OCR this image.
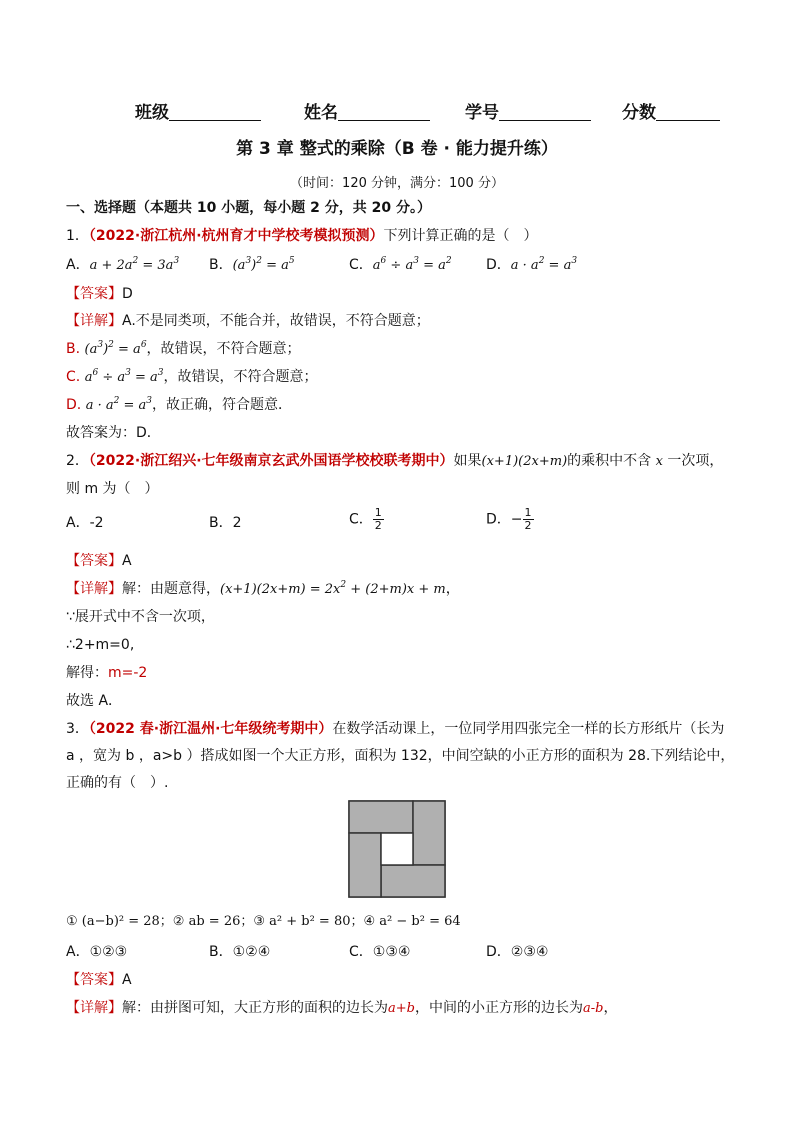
班级	姓名	学号	分数
第 3 章 整式的乘除（B 卷 · 能力提升练）
（时间：120 分钟，满分：100 分）
一、选择题（本题共 10 小题，每小题 2 分，共 20 分。）
1．（2022·浙江杭州·杭州育才中学校考模拟预测）下列计算正确的是（　）
A．$a + 2a^2 = 3a^3$ B．$(a^3)^2 = a^5$	C．$a^6 \div a^3 = a^2$ D．$a \cdot a^2 = a^3$
【答案】D
【详解】A.不是同类项，不能合并，故错误，不符合题意；
B. $(a^3)^2 = a^6$，故错误，不符合题意；
C. $a^6 \div a^3 = a^3$，故错误，不符合题意；
D. $a \cdot a^2 = a^3$，故正确，符合题意．
故答案为：D．
2．（2022·浙江绍兴·七年级南京玄武外国语学校校联考期中）如果(x+1)(2x+m)的乘积中不含 x 一次项，
则 m 为（　）
A．-2	B．2	C． $\frac{1}{2}$	D．− $\frac{1}{2}$
【答案】A
【详解】解：由题意得，$(x+1)(2x+m) = 2x^2 + (2+m)x + m$，
∵展开式中不含一次项，
∴2+m=0,
解得：m=-2
故选 A．
3．（2022 春·浙江温州·七年级统考期中）在数学活动课上，一位同学用四张完全一样的长方形纸片（长为
a ，宽为 b ，a>b ）搭成如图一个大正方形，面积为 132，中间空缺的小正方形的面积为 28.下列结论中，
正确的有（　）.
① (a−b)² = 28；② ab = 26；③ a² + b² = 80；④ a² − b² = 64
A．①②③	B．①②④	C．①③④	D．②③④
【答案】A
【详解】解：由拼图可知，大正方形的面积的边长为a+b，中间的小正方形的边长为a-b，
